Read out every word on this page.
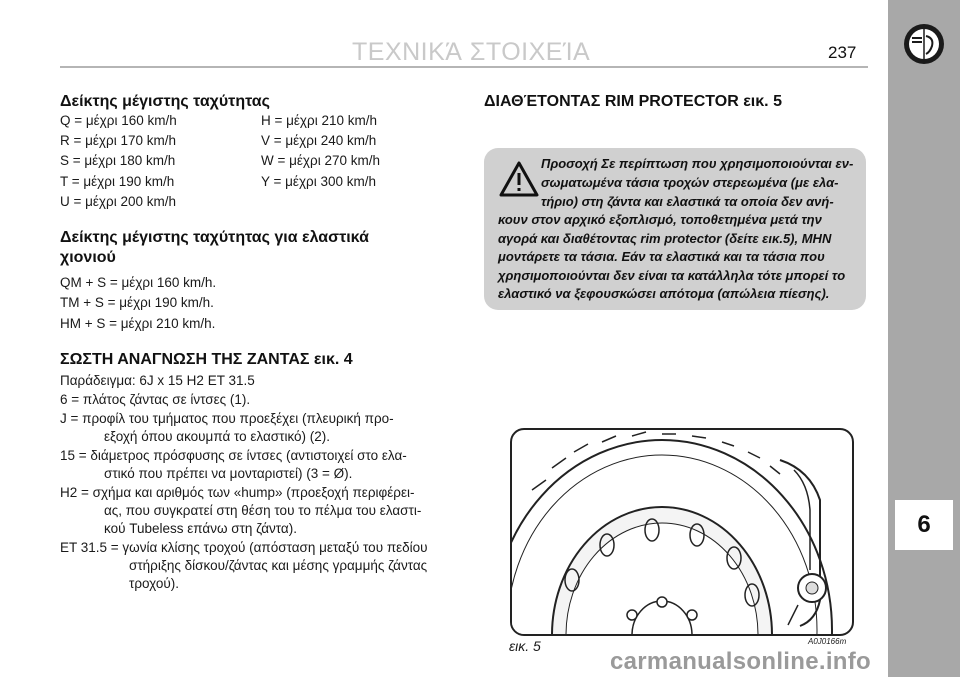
ΤΕΧΝΙΚΆ ΣΤΟΙΧΕΊΑ	237
6
Δείκτης μέγιστης ταχύτητας
Q = μέχρι 160 km/h
R = μέχρι 170 km/h
S = μέχρι 180 km/h
T = μέχρι 190 km/h
U = μέχρι 200 km/h
H = μέχρι 210 km/h
V = μέχρι 240 km/h
W = μέχρι 270 km/h
Y = μέχρι 300 km/h
Δείκτης μέγιστης ταχύτητας για ελαστικά
χιονιού
QM + S = μέχρι 160 km/h.
TM + S = μέχρι 190 km/h.
HM + S = μέχρι 210 km/h.
ΣΩΣΤΗ ΑΝΑΓΝΩΣΗ ΤΗΣ ΖΑΝΤΑΣ εικ. 4
Παράδειγμα: 6J x 15 H2 ET 31.5
6 = πλάτος ζάντας σε ίντσες (1).
J = προφίλ του τμήματος που προεξέχει (πλευρική προ-
εξοχή όπου ακουμπά το ελαστικό) (2).
15 = διάμετρος πρόσφυσης σε ίντσες (αντιστοιχεί στο ελα-
στικό που πρέπει να μονταριστεί) (3 = Ø).
H2 = σχήμα και αριθμός των «hump» (προεξοχή περιφέρει-
ας, που συγκρατεί στη θέση του το πέλμα του ελαστι-
κού Tubeless επάνω στη ζάντα).
ET 31.5 = γωνία κλίσης τροχού (απόσταση μεταξύ του πεδίου
στήριξης δίσκου/ζάντας και μέσης γραμμής ζάντας
τροχού).
ΔΙΑΘΈΤΟΝΤΑΣ RIM PROTECTOR εικ. 5
Προσοχή Σε περίπτωση που χρησιμοποιούνται εν-
σωματωμένα τάσια τροχών στερεωμένα (με ελα-
τήριο) στη ζάντα και ελαστικά τα οποία δεν ανή-
κουν στον αρχικό εξοπλισμό, τοποθετημένα μετά την
αγορά και διαθέτοντας rim protector (δείτε εικ.5), ΜΗΝ
μοντάρετε τα τάσια. Εάν τα ελαστικά και τα τάσια που
χρησιμοποιούνται δεν είναι τα κατάλληλα τότε μπορεί το
ελαστικό να ξεφουσκώσει απότομα (απώλεια πίεσης).
εικ. 5	A0J0166m
carmanualsonline.info
